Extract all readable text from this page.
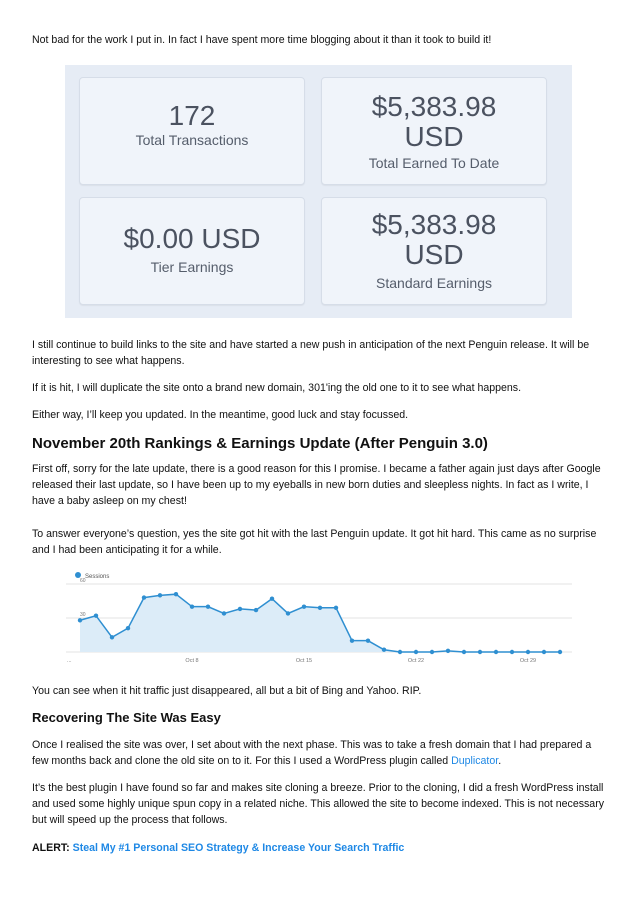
Not bad for the work I put in. In fact I have spent more time blogging about it than it took to build it!

172
Total Transactions
$5,383.98
USD
Total Earned To Date
$0.00 USD
Tier Earnings
$5,383.98
USD
Standard Earnings

I still continue to build links to the site and have started a new push in anticipation of the next Penguin release. It will be interesting to see what happens.

If it is hit, I will duplicate the site onto a brand new domain, 301'ing the old one to it to see what happens.

Either way, I’ll keep you updated. In the meantime, good luck and stay focussed.

November 20th Rankings & Earnings Update (After Penguin 3.0)

First off, sorry for the late update, there is a good reason for this I promise. I became a father again just days after Google released their last update, so I have been up to my eyeballs in new born duties and sleepless nights. In fact as I write, I have a baby asleep on my chest!

To answer everyone’s question, yes the site got hit with the last Penguin update. It got hit hard. This came as no surprise and I had been anticipating it for a while.

Sessions
60
30
...	Oct 8	Oct 15	Oct 22	Oct 29

You can see when it hit traffic just disappeared, all but a bit of Bing and Yahoo. RIP.

Recovering The Site Was Easy

Once I realised the site was over, I set about with the next phase. This was to take a fresh domain that I had prepared a few months back and clone the old site on to it. For this I used a WordPress plugin called Duplicator.

It’s the best plugin I have found so far and makes site cloning a breeze. Prior to the cloning, I did a fresh WordPress install and used some highly unique spun copy in a related niche. This allowed the site to become indexed. This is not necessary but will speed up the process that follows.

ALERT: Steal My #1 Personal SEO Strategy & Increase Your Search Traffic
